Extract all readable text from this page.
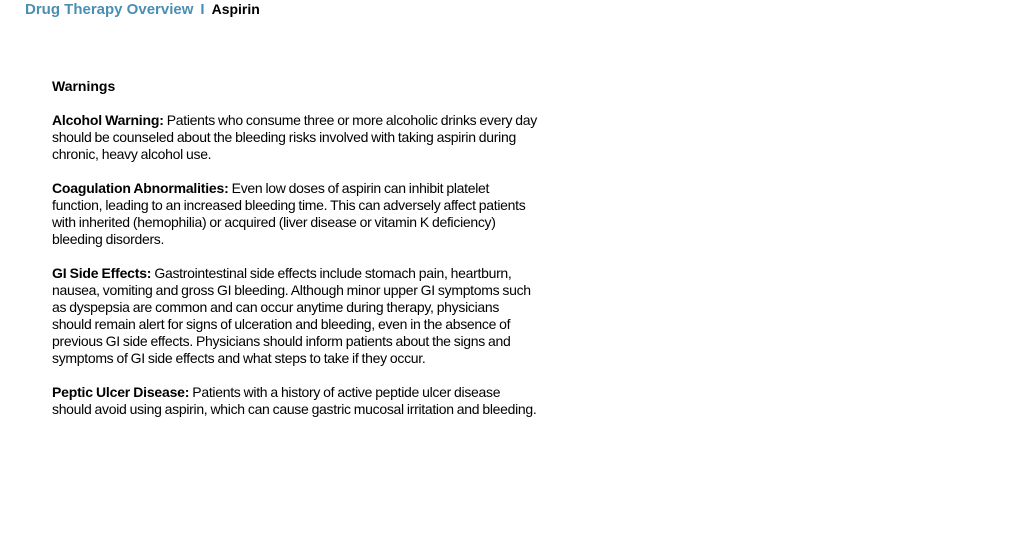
Drug Therapy Overview I Aspirin
Warnings

Alcohol Warning: Patients who consume three or more alcoholic drinks every day should be counseled about the bleeding risks involved with taking aspirin during chronic, heavy alcohol use.

Coagulation Abnormalities: Even low doses of aspirin can inhibit platelet function, leading to an increased bleeding time. This can adversely affect patients with inherited (hemophilia) or acquired (liver disease or vitamin K deficiency) bleeding disorders.

GI Side Effects: Gastrointestinal side effects include stomach pain, heartburn, nausea, vomiting and gross GI bleeding. Although minor upper GI symptoms such as dyspepsia are common and can occur anytime during therapy, physicians should remain alert for signs of ulceration and bleeding, even in the absence of previous GI side effects. Physicians should inform patients about the signs and symptoms of GI side effects and what steps to take if they occur.

Peptic Ulcer Disease: Patients with a history of active peptide ulcer disease should avoid using aspirin, which can cause gastric mucosal irritation and bleeding.
